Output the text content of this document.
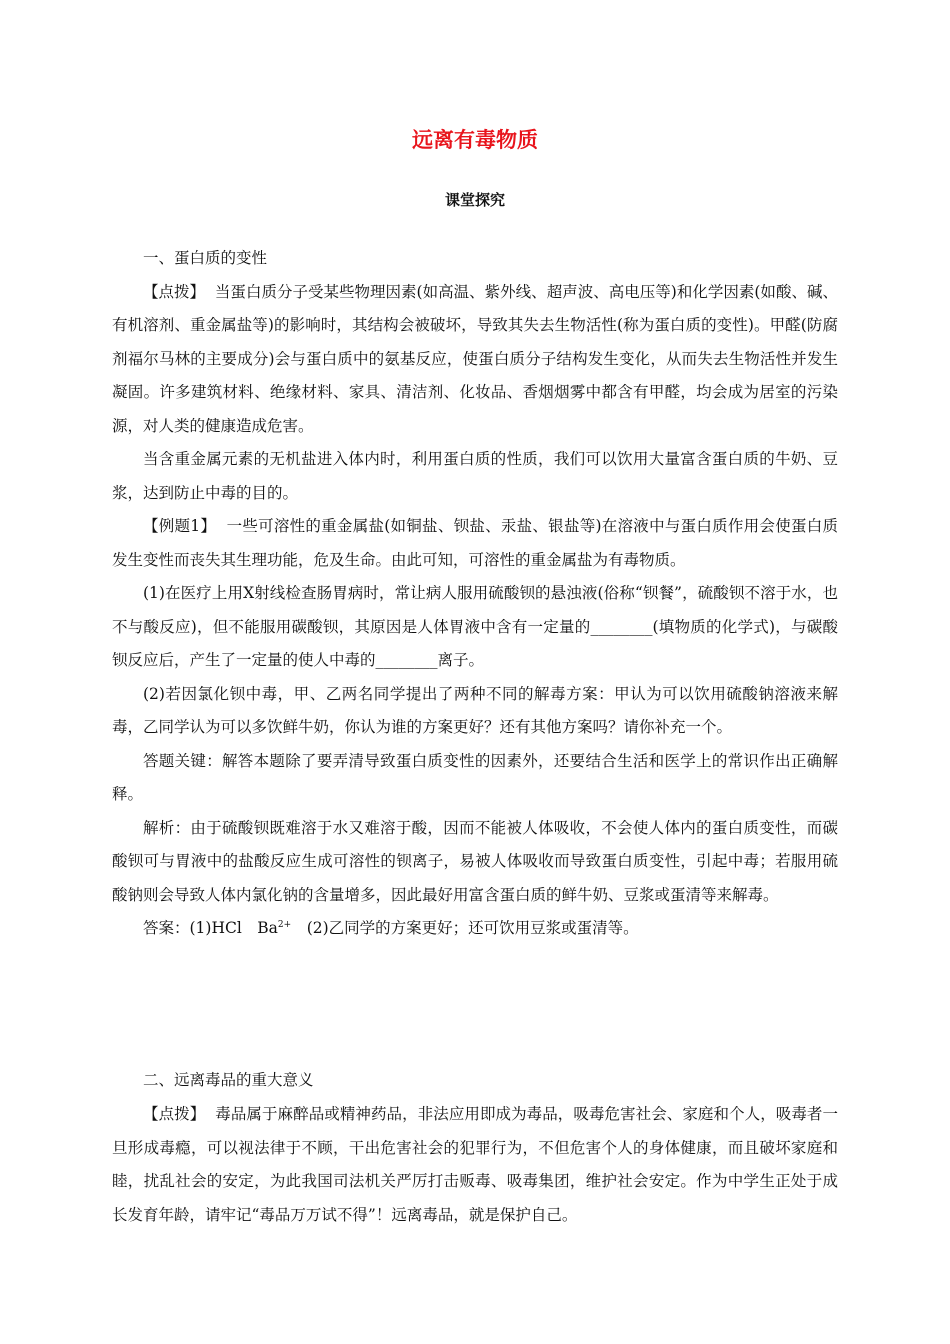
远离有毒物质
课堂探究

一、蛋白质的变性

【点拨】 当蛋白质分子受某些物理因素(如高温、紫外线、超声波、高电压等)和化学因素(如酸、碱、有机溶剂、重金属盐等)的影响时，其结构会被破坏，导致其失去生物活性(称为蛋白质的变性)。甲醛(防腐剂福尔马林的主要成分)会与蛋白质中的氨基反应，使蛋白质分子结构发生变化，从而失去生物活性并发生凝固。许多建筑材料、绝缘材料、家具、清洁剂、化妆品、香烟烟雾中都含有甲醛，均会成为居室的污染源，对人类的健康造成危害。

当含重金属元素的无机盐进入体内时，利用蛋白质的性质，我们可以饮用大量富含蛋白质的牛奶、豆浆，达到防止中毒的目的。

【例题1】 一些可溶性的重金属盐(如铜盐、钡盐、汞盐、银盐等)在溶液中与蛋白质作用会使蛋白质发生变性而丧失其生理功能，危及生命。由此可知，可溶性的重金属盐为有毒物质。

(1)在医疗上用X射线检查肠胃病时，常让病人服用硫酸钡的悬浊液(俗称“钡餐”，硫酸钡不溶于水，也不与酸反应)，但不能服用碳酸钡，其原因是人体胃液中含有一定量的________(填物质的化学式)，与碳酸钡反应后，产生了一定量的使人中毒的________离子。

(2)若因氯化钡中毒，甲、乙两名同学提出了两种不同的解毒方案：甲认为可以饮用硫酸钠溶液来解毒，乙同学认为可以多饮鲜牛奶，你认为谁的方案更好？还有其他方案吗？请你补充一个。

答题关键：解答本题除了要弄清导致蛋白质变性的因素外，还要结合生活和医学上的常识作出正确解释。

解析：由于硫酸钡既难溶于水又难溶于酸，因而不能被人体吸收，不会使人体内的蛋白质变性，而碳酸钡可与胃液中的盐酸反应生成可溶性的钡离子，易被人体吸收而导致蛋白质变性，引起中毒；若服用硫酸钠则会导致人体内氯化钠的含量增多，因此最好用富含蛋白质的鲜牛奶、豆浆或蛋清等来解毒。

答案：(1)HCl　$Ba^{2+}$　(2)乙同学的方案更好；还可饮用豆浆或蛋清等。

二、远离毒品的重大意义

【点拨】 毒品属于麻醉品或精神药品，非法应用即成为毒品，吸毒危害社会、家庭和个人，吸毒者一旦形成毒瘾，可以视法律于不顾，干出危害社会的犯罪行为，不但危害个人的身体健康，而且破坏家庭和睦，扰乱社会的安定，为此我国司法机关严厉打击贩毒、吸毒集团，维护社会安定。作为中学生正处于成长发育年龄，请牢记“毒品万万试不得”！远离毒品，就是保护自己。
